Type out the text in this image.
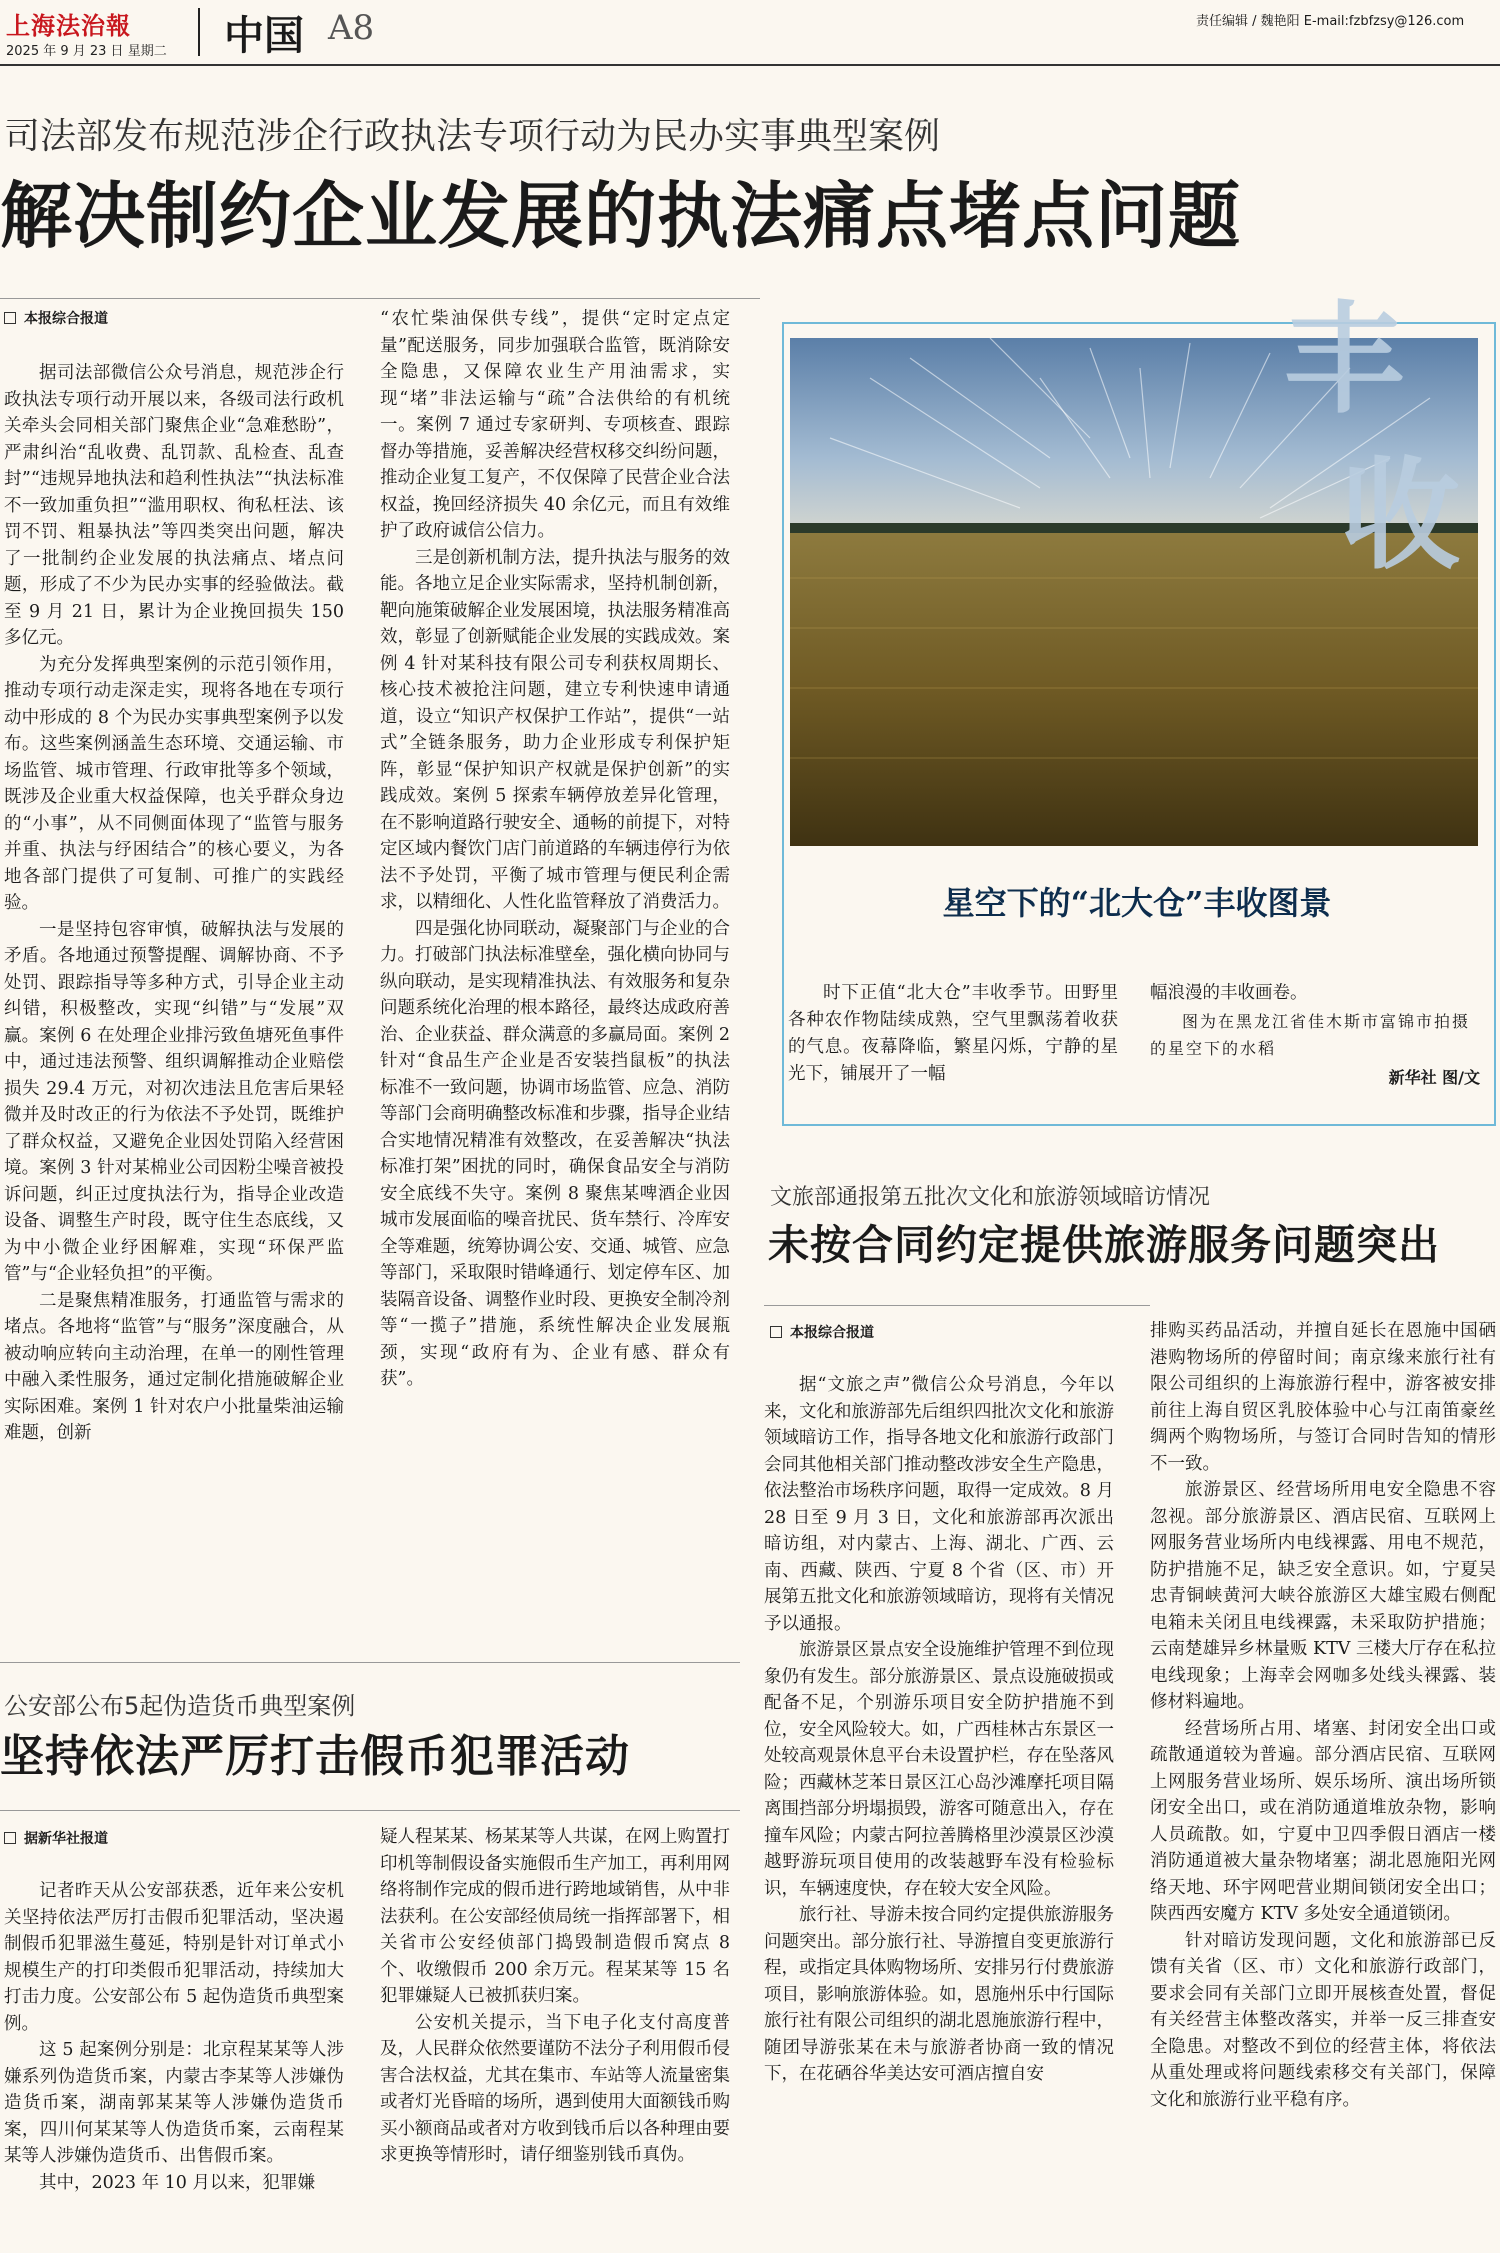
上海法治報
2025 年 9 月 23 日 星期二 中国 A8	责任编辑 / 魏艳阳 E-mail:fzbfzsy@126.com
司法部发布规范涉企行政执法专项行动为民办实事典型案例
解决制约企业发展的执法痛点堵点问题
本报综合报道

据司法部微信公众号消息，规范涉企行政执法专项行动开展以来，各级司法行政机关牵头会同相关部门聚焦企业“急难愁盼”，严肃纠治“乱收费、乱罚款、乱检查、乱查封”“违规异地执法和趋利性执法”“执法标准不一致加重负担”“滥用职权、徇私枉法、该罚不罚、粗暴执法”等四类突出问题，解决了一批制约企业发展的执法痛点、堵点问题，形成了不少为民办实事的经验做法。截至 9 月 21 日，累计为企业挽回损失 150 多亿元。

为充分发挥典型案例的示范引领作用，推动专项行动走深走实，现将各地在专项行动中形成的 8 个为民办实事典型案例予以发布。这些案例涵盖生态环境、交通运输、市场监管、城市管理、行政审批等多个领域，既涉及企业重大权益保障，也关乎群众身边的“小事”，从不同侧面体现了“监管与服务并重、执法与纾困结合”的核心要义，为各地各部门提供了可复制、可推广的实践经验。

一是坚持包容审慎，破解执法与发展的矛盾。各地通过预警提醒、调解协商、不予处罚、跟踪指导等多种方式，引导企业主动纠错，积极整改，实现“纠错”与“发展”双赢。案例 6 在处理企业排污致鱼塘死鱼事件中，通过违法预警、组织调解推动企业赔偿损失 29.4 万元，对初次违法且危害后果轻微并及时改正的行为依法不予处罚，既维护了群众权益，又避免企业因处罚陷入经营困境。案例 3 针对某棉业公司因粉尘噪音被投诉问题，纠正过度执法行为，指导企业改造设备、调整生产时段，既守住生态底线，又为中小微企业纾困解难，实现“环保严监管”与“企业轻负担”的平衡。

二是聚焦精准服务，打通监管与需求的堵点。各地将“监管”与“服务”深度融合，从被动响应转向主动治理，在单一的刚性管理中融入柔性服务，通过定制化措施破解企业实际困难。案例 1 针对农户小批量柴油运输难题，创新

“农忙柴油保供专线”，提供“定时定点定量”配送服务，同步加强联合监管，既消除安全隐患，又保障农业生产用油需求，实现“堵”非法运输与“疏”合法供给的有机统一。案例 7 通过专家研判、专项核查、跟踪督办等措施，妥善解决经营权移交纠纷问题，推动企业复工复产，不仅保障了民营企业合法权益，挽回经济损失 40 余亿元，而且有效维护了政府诚信公信力。

三是创新机制方法，提升执法与服务的效能。各地立足企业实际需求，坚持机制创新，靶向施策破解企业发展困境，执法服务精准高效，彰显了创新赋能企业发展的实践成效。案例 4 针对某科技有限公司专利获权周期长、核心技术被抢注问题，建立专利快速申请通道，设立“知识产权保护工作站”，提供“一站式”全链条服务，助力企业形成专利保护矩阵，彰显“保护知识产权就是保护创新”的实践成效。案例 5 探索车辆停放差异化管理，在不影响道路行驶安全、通畅的前提下，对特定区域内餐饮门店门前道路的车辆违停行为依法不予处罚，平衡了城市管理与便民利企需求，以精细化、人性化监管释放了消费活力。

四是强化协同联动，凝聚部门与企业的合力。打破部门执法标准壁垒，强化横向协同与纵向联动，是实现精准执法、有效服务和复杂问题系统化治理的根本路径，最终达成政府善治、企业获益、群众满意的多赢局面。案例 2 针对“食品生产企业是否安装挡鼠板”的执法标准不一致问题，协调市场监管、应急、消防等部门会商明确整改标准和步骤，指导企业结合实地情况精准有效整改，在妥善解决“执法标准打架”困扰的同时，确保食品安全与消防安全底线不失守。案例 8 聚焦某啤酒企业因城市发展面临的噪音扰民、货车禁行、冷库安全等难题，统筹协调公安、交通、城管、应急等部门，采取限时错峰通行、划定停车区、加装隔音设备、调整作业时段、更换安全制冷剂等“一揽子”措施，系统性解决企业发展瓶颈，实现“政府有为、企业有感、群众有获”。

丰
收
星空下的“北大仓”丰收图景
时下正值“北大仓”丰收季节。田野里各种农作物陆续成熟，空气里飘荡着收获的气息。夜幕降临，繁星闪烁，宁静的星光下，铺展开了一幅
幅浪漫的丰收画卷。
图为在黑龙江省佳木斯市富锦市拍摄的星空下的水稻
新华社 图/文
文旅部通报第五批次文化和旅游领域暗访情况
未按合同约定提供旅游服务问题突出
本报综合报道

据“文旅之声”微信公众号消息，今年以来，文化和旅游部先后组织四批次文化和旅游领域暗访工作，指导各地文化和旅游行政部门会同其他相关部门推动整改涉安全生产隐患，依法整治市场秩序问题，取得一定成效。8 月 28 日至 9 月 3 日，文化和旅游部再次派出暗访组，对内蒙古、上海、湖北、广西、云南、西藏、陕西、宁夏 8 个省（区、市）开展第五批文化和旅游领域暗访，现将有关情况予以通报。

旅游景区景点安全设施维护管理不到位现象仍有发生。部分旅游景区、景点设施破损或配备不足，个别游乐项目安全防护措施不到位，安全风险较大。如，广西桂林古东景区一处较高观景休息平台未设置护栏，存在坠落风险；西藏林芝苯日景区江心岛沙滩摩托项目隔离围挡部分坍塌损毁，游客可随意出入，存在撞车风险；内蒙古阿拉善腾格里沙漠景区沙漠越野游玩项目使用的改装越野车没有检验标识，车辆速度快，存在较大安全风险。

旅行社、导游未按合同约定提供旅游服务问题突出。部分旅行社、导游擅自变更旅游行程，或指定具体购物场所、安排另行付费旅游项目，影响旅游体验。如，恩施州乐中行国际旅行社有限公司组织的湖北恩施旅游行程中，随团导游张某在未与旅游者协商一致的情况下，在花硒谷华美达安可酒店擅自安

排购买药品活动，并擅自延长在恩施中国硒港购物场所的停留时间；南京缘来旅行社有限公司组织的上海旅游行程中，游客被安排前往上海自贸区乳胶体验中心与江南笛豪丝绸两个购物场所，与签订合同时告知的情形不一致。

旅游景区、经营场所用电安全隐患不容忽视。部分旅游景区、酒店民宿、互联网上网服务营业场所内电线裸露、用电不规范，防护措施不足，缺乏安全意识。如，宁夏吴忠青铜峡黄河大峡谷旅游区大雄宝殿右侧配电箱未关闭且电线裸露，未采取防护措施；云南楚雄异乡林量贩 KTV 三楼大厅存在私拉电线现象；上海幸会网咖多处线头裸露、装修材料遍地。

经营场所占用、堵塞、封闭安全出口或疏散通道较为普遍。部分酒店民宿、互联网上网服务营业场所、娱乐场所、演出场所锁闭安全出口，或在消防通道堆放杂物，影响人员疏散。如，宁夏中卫四季假日酒店一楼消防通道被大量杂物堵塞；湖北恩施阳光网络天地、环宇网吧营业期间锁闭安全出口；陕西西安魔方 KTV 多处安全通道锁闭。

针对暗访发现问题，文化和旅游部已反馈有关省（区、市）文化和旅游行政部门，要求会同有关部门立即开展核查处置，督促有关经营主体整改落实，并举一反三排查安全隐患。对整改不到位的经营主体，将依法从重处理或将问题线索移交有关部门，保障文化和旅游行业平稳有序。

公安部公布5起伪造货币典型案例
坚持依法严厉打击假币犯罪活动
据新华社报道

记者昨天从公安部获悉，近年来公安机关坚持依法严厉打击假币犯罪活动，坚决遏制假币犯罪滋生蔓延，特别是针对订单式小规模生产的打印类假币犯罪活动，持续加大打击力度。公安部公布 5 起伪造货币典型案例。

这 5 起案例分别是：北京程某某等人涉嫌系列伪造货币案，内蒙古李某等人涉嫌伪造货币案，湖南郭某某等人涉嫌伪造货币案，四川何某某等人伪造货币案，云南程某某等人涉嫌伪造货币、出售假币案。

其中，2023 年 10 月以来，犯罪嫌

疑人程某某、杨某某等人共谋，在网上购置打印机等制假设备实施假币生产加工，再利用网络将制作完成的假币进行跨地域销售，从中非法获利。在公安部经侦局统一指挥部署下，相关省市公安经侦部门捣毁制造假币窝点 8 个、收缴假币 200 余万元。程某某等 15 名犯罪嫌疑人已被抓获归案。

公安机关提示，当下电子化支付高度普及，人民群众依然要谨防不法分子利用假币侵害合法权益，尤其在集市、车站等人流量密集或者灯光昏暗的场所，遇到使用大面额钱币购买小额商品或者对方收到钱币后以各种理由要求更换等情形时，请仔细鉴别钱币真伪。
